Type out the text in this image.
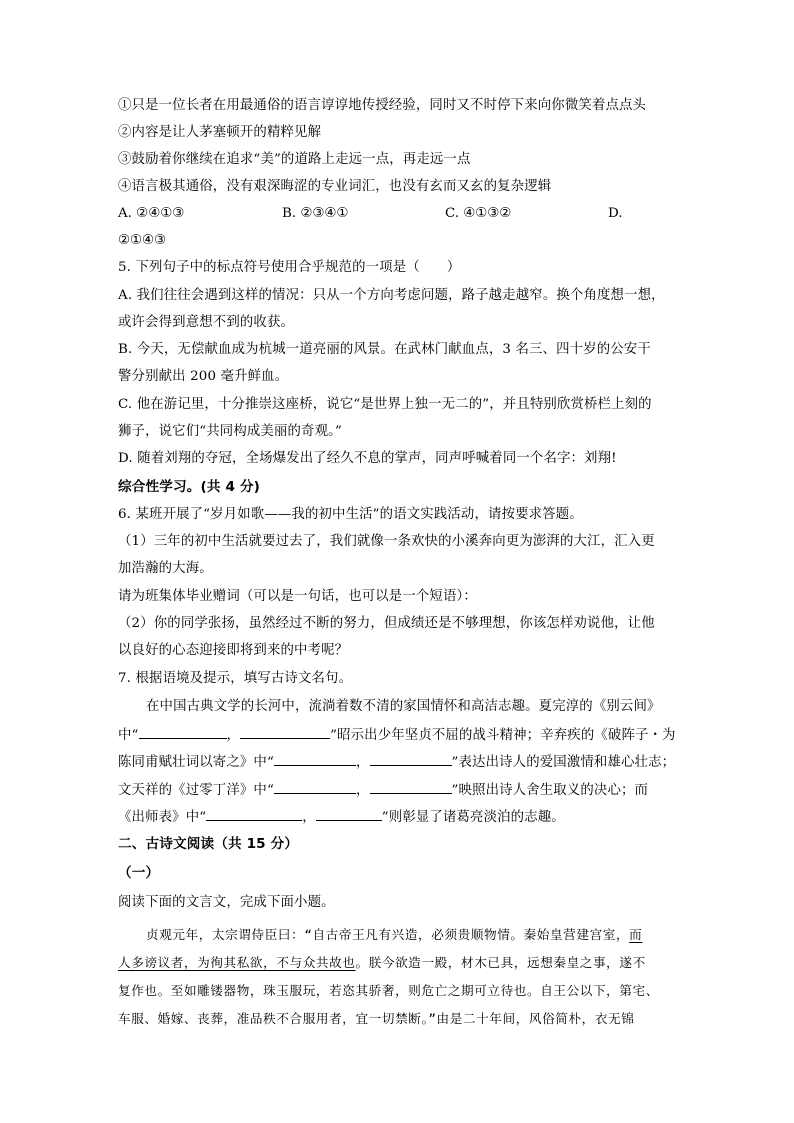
①只是一位长者在用最通俗的语言谆谆地传授经验，同时又不时停下来向你微笑着点点头
②内容是让人茅塞顿开的精粹见解
③鼓励着你继续在追求“美”的道路上走远一点，再走远一点
④语言极其通俗，没有艰深晦涩的专业词汇，也没有玄而又玄的复杂逻辑
A. ②④①③	B. ②③④①	C. ④①③②	D.
②①④③
5. 下列句子中的标点符号使用合乎规范的一项是（　　）
A. 我们往往会遇到这样的情况：只从一个方向考虑问题，路子越走越窄。换个角度想一想，
或许会得到意想不到的收获。
B. 今天，无偿献血成为杭城一道亮丽的风景。在武林门献血点，3 名三、四十岁的公安干
警分别献出 200 毫升鲜血。
C. 他在游记里，十分推崇这座桥，说它“是世界上独一无二的”，并且特别欣赏桥栏上刻的
狮子，说它们“共同构成美丽的奇观。”
D. 随着刘翔的夺冠，全场爆发出了经久不息的掌声，同声呼喊着同一个名字：刘翔!
综合性学习。(共 4 分)
6. 某班开展了“岁月如歌——我的初中生活”的语文实践活动，请按要求答题。
（1）三年的初中生活就要过去了，我们就像一条欢快的小溪奔向更为澎湃的大江，汇入更
加浩瀚的大海。
请为班集体毕业赠词（可以是一句话，也可以是一个短语）：
（2）你的同学张扬，虽然经过不断的努力，但成绩还是不够理想，你该怎样劝说他，让他
以良好的心态迎接即将到来的中考呢？
7. 根据语境及提示，填写古诗文名句。
在中国古典文学的长河中，流淌着数不清的家国情怀和高洁志趣。夏完淳的《别云间》
中“	，	”昭示出少年坚贞不屈的战斗精神；辛弃疾的《破阵子・为
陈同甫赋壮词以寄之》中“	，	”表达出诗人的爱国激情和雄心壮志；
文天祥的《过零丁洋》中“	，	”映照出诗人舍生取义的决心；而
《出师表》中“	，	”则彰显了诸葛亮淡泊的志趣。
二、古诗文阅读（共 15 分）
（一）
阅读下面的文言文，完成下面小题。
贞观元年，太宗谓侍臣曰：“自古帝王凡有兴造，必须贵顺物情。秦始皇营建宫室，而
人多谤议者，为徇其私欲，不与众共故也。朕今欲造一殿，材木已具，远想秦皇之事，遂不
复作也。至如雕镂器物，珠玉服玩，若恣其骄奢，则危亡之期可立待也。自王公以下，第宅、
车服、婚嫁、丧葬，准品秩不合服用者，宜一切禁断。”由是二十年间，风俗简朴，衣无锦
